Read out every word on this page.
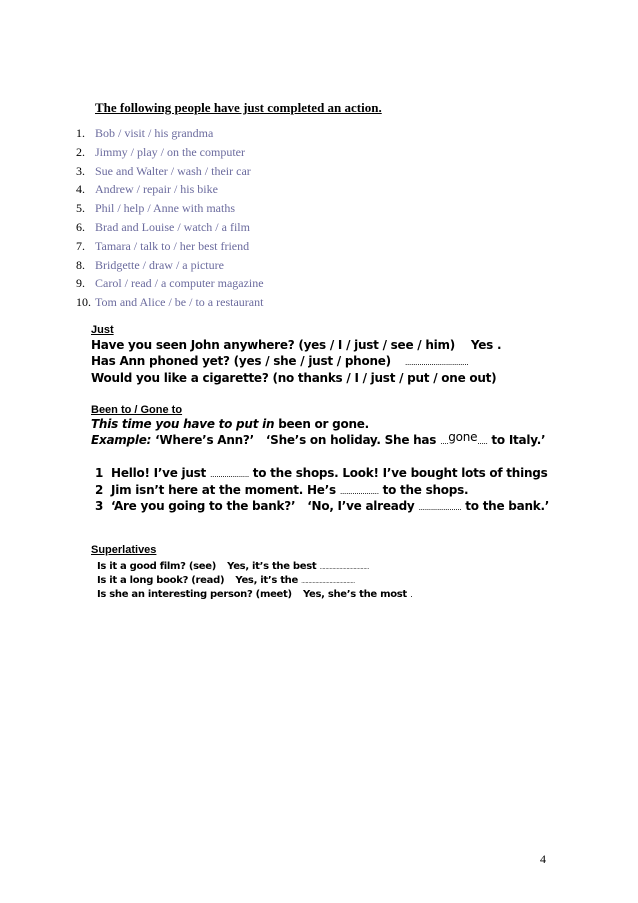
The following people have just completed an action.
1. Bob / visit / his grandma
2. Jimmy / play / on the computer
3. Sue and Walter / wash / their car
4. Andrew / repair / his bike
5. Phil / help / Anne with maths
6. Brad and Louise / watch / a film
7. Tamara / talk to / her best friend
8. Bridgette / draw / a picture
9. Carol / read / a computer magazine
10. Tom and Alice / be / to a restaurant
Just
Have you seen John anywhere? (yes / I / just / see / him) Yes .
Has Ann phoned yet? (yes / she / just / phone) ...............................
Would you like a cigarette? (no thanks / I / just / put / one out)
Been to / Gone to
This time you have to put in been or gone.
Example: ‘Where’s Ann?’ ‘She’s on holiday. She has ....gone..... to Italy.’
1 Hello! I’ve just ................... to the shops. Look! I’ve bought lots of things
2 Jim isn’t here at the moment. He’s ................... to the shops.
3 ‘Are you going to the bank?’ ‘No, I’ve already ..................... to the bank.’
Superlatives
Is it a good film? (see) Yes, it’s the best ...................................
Is it a long book? (read) Yes, it’s the ......................................
Is she an interesting person? (meet) Yes, she’s the most .
4
